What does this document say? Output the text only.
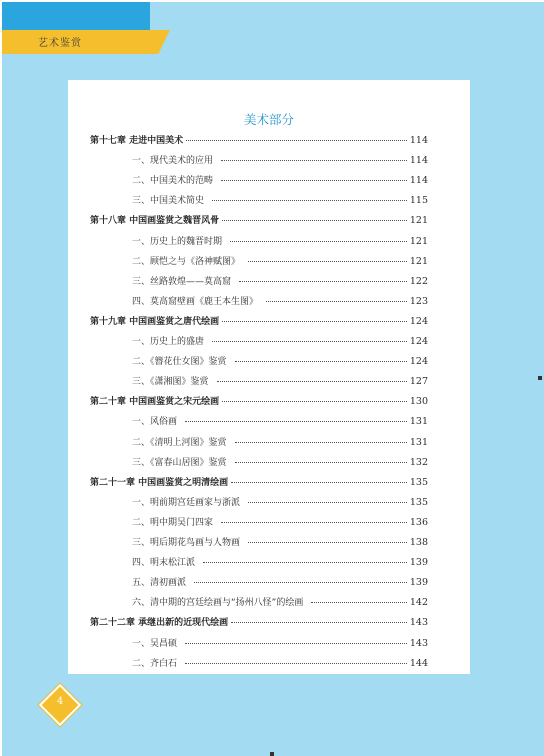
艺术鉴赏
美术部分
第十七章 走进中国美术	114
一、现代美术的应用	114
二、中国美术的范畴	114
三、中国美术简史	115
第十八章 中国画鉴赏之魏晋风骨	121
一、历史上的魏晋时期	121
二、顾恺之与《洛神赋图》	121
三、丝路敦煌——莫高窟	122
四、莫高窟壁画《鹿王本生图》	123
第十九章 中国画鉴赏之唐代绘画	124
一、历史上的盛唐	124
二、《簪花仕女图》鉴赏	124
三、《潇湘图》鉴赏	127
第二十章 中国画鉴赏之宋元绘画	130
一、风俗画	131
二、《清明上河图》鉴赏	131
三、《富春山居图》鉴赏	132
第二十一章 中国画鉴赏之明清绘画	135
一、明前期宫廷画家与浙派	135
二、明中期吴门四家	136
三、明后期花鸟画与人物画	138
四、明末松江派	139
五、清初画派	139
六、清中期的宫廷绘画与“扬州八怪”的绘画	142
第二十二章 承继出新的近现代绘画	143
一、吴昌硕	143
二、齐白石	144
4
